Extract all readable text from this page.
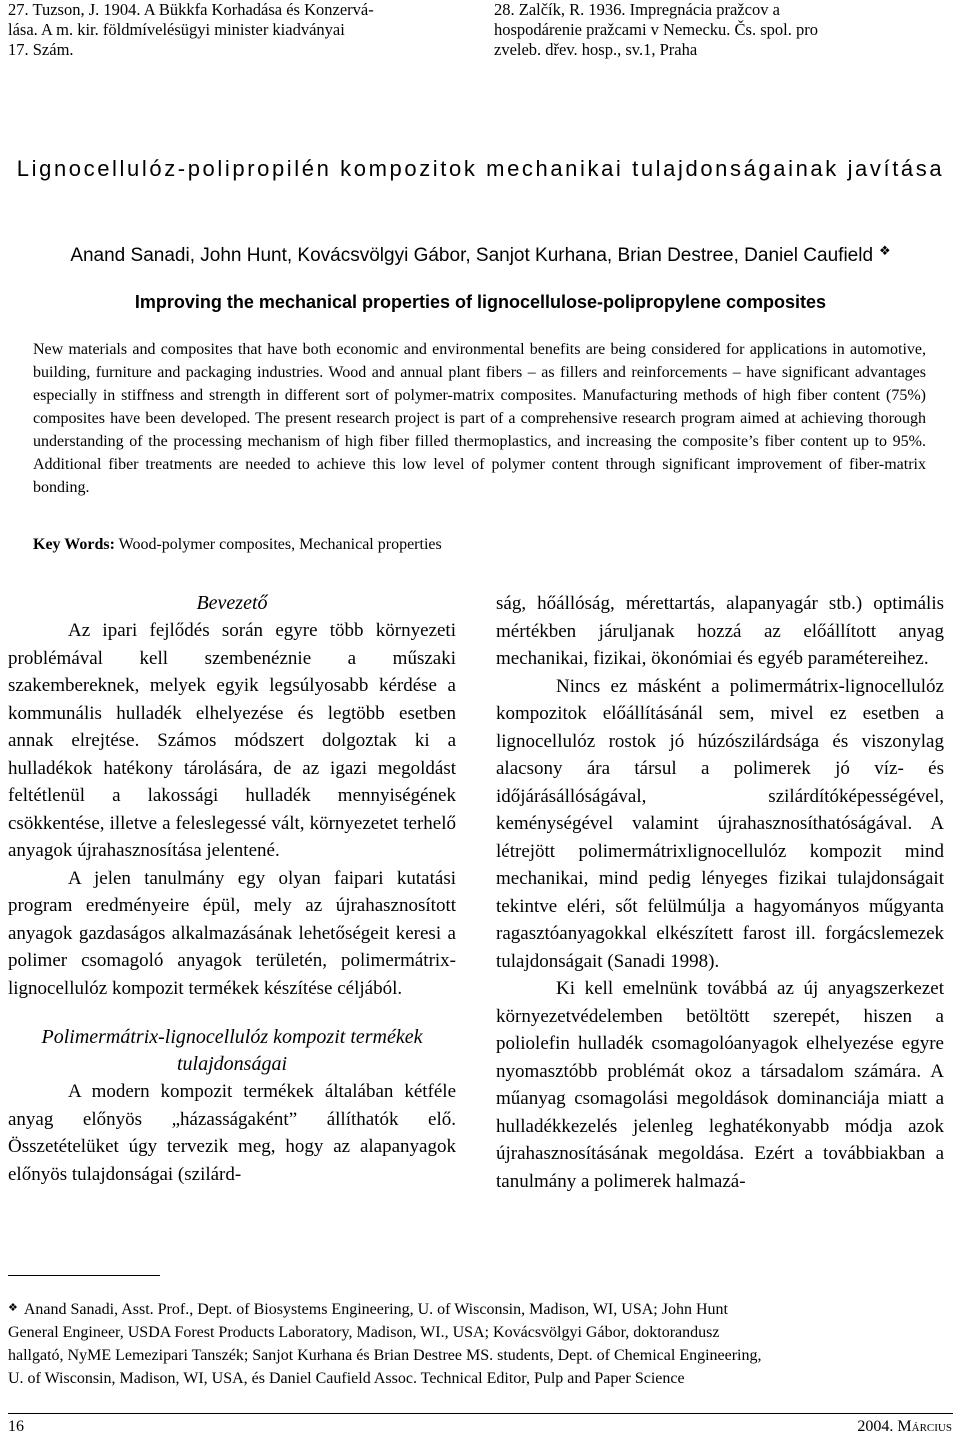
27. Tuzson, J. 1904. A Bükkfa Korhadása és Konzervá-

lása. A m. kir. földmívelésügyi minister kiadványai

17. Szám.

28. Zalčík, R. 1936. Impregnácia pražcov a

hospodárenie pražcami v Nemecku. Čs. spol. pro

zveleb. dřev. hosp., sv.1, Praha

Lignocellulóz-polipropilén kompozitok mechanikai tulajdonságainak javítása
Anand Sanadi, John Hunt, Kovácsvölgyi Gábor, Sanjot Kurhana, Brian Destree, Daniel Caufield ❖
Improving the mechanical properties of lignocellulose-polipropylene composites

New materials and composites that have both economic and environmental benefits are being considered for applications in automotive, building, furniture and packaging industries. Wood and annual plant fibers – as fillers and reinforcements – have significant advantages especially in stiffness and strength in different sort of polymer-matrix composites. Manufacturing methods of high fiber content (75%) composites have been developed. The present research project is part of a comprehensive research program aimed at achieving thorough understanding of the processing mechanism of high fiber filled thermoplastics, and increasing the composite’s fiber content up to 95%. Additional fiber treatments are needed to achieve this low level of polymer content through significant improvement of fiber-matrix bonding.

Key Words: Wood-polymer composites, Mechanical properties

Bevezető

Az ipari fejlődés során egyre több környezeti problémával kell szembenéznie a műszaki szakembereknek, melyek egyik legsúlyosabb kérdése a kommunális hulladék elhelyezése és legtöbb esetben annak elrejtése. Számos módszert dolgoztak ki a hulladékok hatékony tárolására, de az igazi megoldást feltétlenül a lakossági hulladék mennyiségének csökkentése, illetve a feleslegessé vált, környezetet terhelő anyagok újrahasznosítása jelentené.

A jelen tanulmány egy olyan faipari kutatási program eredményeire épül, mely az újrahasznosított anyagok gazdaságos alkalmazásának lehetőségeit keresi a polimer csomagoló anyagok területén, polimermátrix-lignocellulóz kompozit termékek készítése céljából.

Polimermátrix-lignocellulóz kompozit termékek tulajdonságai

A modern kompozit termékek általában kétféle anyag előnyös „házasságaként” állíthatók elő. Összetételüket úgy tervezik meg, hogy az alapanyagok előnyös tulajdonságai (szilárd-

ság, hőállóság, mérettartás, alapanyagár stb.) optimális mértékben járuljanak hozzá az előállított anyag mechanikai, fizikai, ökonómiai és egyéb paramétereihez.

Nincs ez másként a polimermátrix-lignocellulóz kompozitok előállításánál sem, mivel ez esetben a lignocellulóz rostok jó húzószilárdsága és viszonylag alacsony ára társul a polimerek jó víz- és időjárásállóságával, szilárdítóképességével, keménységével valamint újrahasznosíthatóságával. A létrejött polimermátrixlignocellulóz kompozit mind mechanikai, mind pedig lényeges fizikai tulajdonságait tekintve eléri, sőt felülmúlja a hagyományos műgyanta ragasztóanyagokkal elkészített farost ill. forgácslemezek tulajdonságait (Sanadi 1998).

Ki kell emelnünk továbbá az új anyagszerkezet környezetvédelemben betöltött szerepét, hiszen a poliolefin hulladék csomagolóanyagok elhelyezése egyre nyomasztóbb problémát okoz a társadalom számára. A műanyag csomagolási megoldások dominanciája miatt a hulladékkezelés jelenleg leghatékonyabb módja azok újrahasznosításának megoldása. Ezért a továbbiakban a tanulmány a polimerek halmazá-

❖ Anand Sanadi, Asst. Prof., Dept. of Biosystems Engineering, U. of Wisconsin, Madison, WI, USA; John Hunt
General Engineer, USDA Forest Products Laboratory, Madison, WI., USA; Kovácsvölgyi Gábor, doktorandusz
hallgató, NyME Lemezipari Tanszék; Sanjot Kurhana és Brian Destree MS. students, Dept. of Chemical Engineering,
U. of Wisconsin, Madison, WI, USA, és Daniel Caufield Assoc. Technical Editor, Pulp and Paper Science
16	2004. Március
